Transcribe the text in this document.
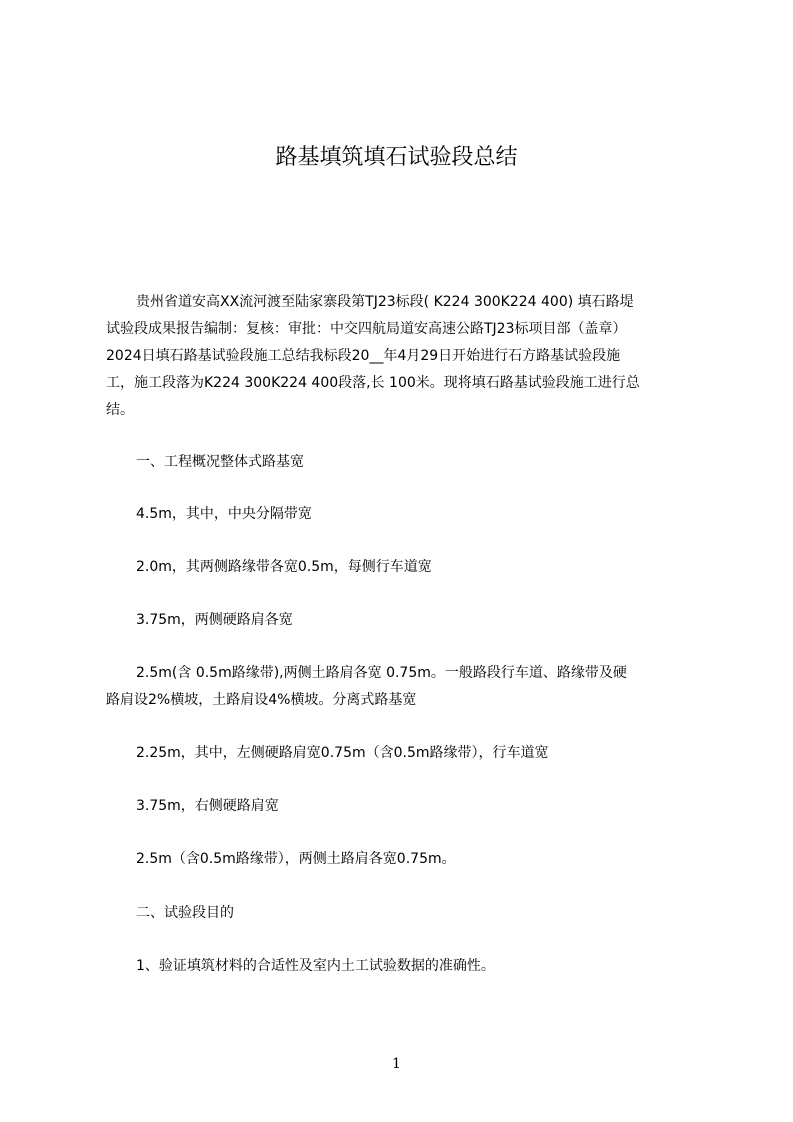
路基填筑填石试验段总结
贵州省道安高XX流河渡至陆家寨段第TJ23标段( K224 300K224 400) 填石路堤
试验段成果报告编制：复核：审批：中交四航局道安高速公路TJ23标项目部（盖章）
2024日填石路基试验段施工总结我标段20__年4月29日开始进行石方路基试验段施
工，施工段落为K224 300K224 400段落,长 100米。现将填石路基试验段施工进行总
结。
一、工程概况整体式路基宽
4.5m，其中，中央分隔带宽
2.0m，其两侧路缘带各宽0.5m，每侧行车道宽
3.75m，两侧硬路肩各宽
2.5m(含 0.5m路缘带),两侧土路肩各宽 0.75m。一般路段行车道、路缘带及硬
路肩设2%横坡，土路肩设4%横坡。分离式路基宽
2.25m，其中，左侧硬路肩宽0.75m（含0.5m路缘带），行车道宽
3.75m，右侧硬路肩宽
2.5m（含0.5m路缘带），两侧土路肩各宽0.75m。
二、试验段目的
1、验证填筑材料的合适性及室内土工试验数据的准确性。
1
